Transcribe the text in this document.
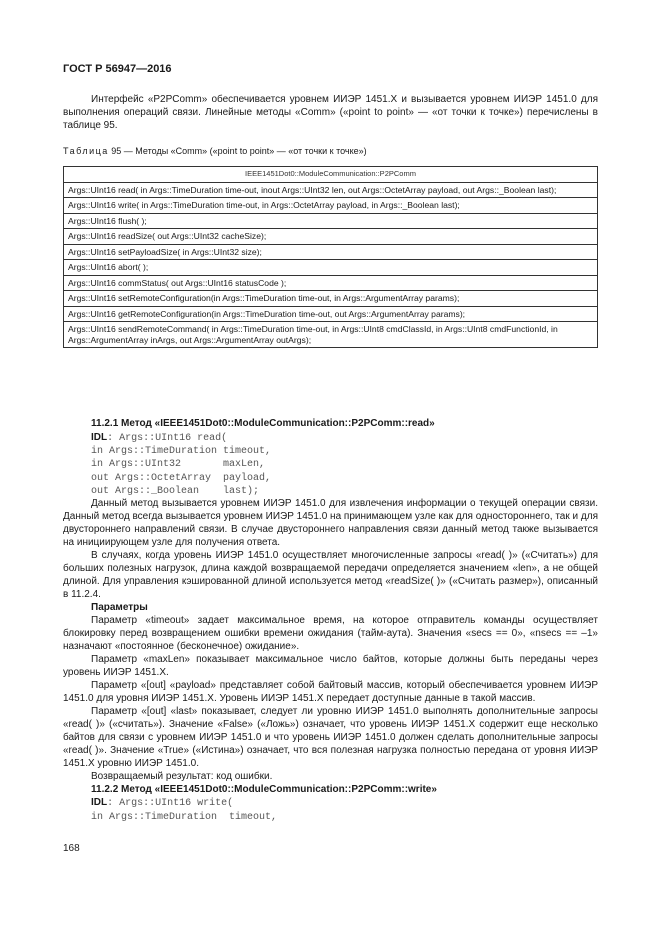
ГОСТ Р 56947—2016

Интерфейс «P2PComm» обеспечивается уровнем ИИЭР 1451.X и вызывается уровнем ИИЭР 1451.0 для выполнения операций связи. Линейные методы «Comm» («point to point» — «от точки к точке») перечислены в таблице 95.

Таблица 95 — Методы «Comm» («point to point» — «от точки к точке»)
IEEE1451Dot0::ModuleCommunication::P2PComm
Args::UInt16 read( in Args::TimeDuration time-out, inout Args::UInt32 len, out Args::OctetArray payload, out Args::_Boolean last);
Args::UInt16 write( in Args::TimeDuration time-out, in Args::OctetArray payload, in Args::_Boolean last);
Args::UInt16 flush( );
Args::UInt16 readSize( out Args::UInt32 cacheSize);
Args::UInt16 setPayloadSize( in Args::UInt32 size);
Args::UInt16 abort( );
Args::UInt16 commStatus( out Args::UInt16 statusCode );
Args::UInt16 setRemoteConfiguration(in Args::TimeDuration time-out, in Args::ArgumentArray params);
Args::UInt16 getRemoteConfiguration(in Args::TimeDuration time-out, out Args::ArgumentArray params);
Args::UInt16 sendRemoteCommand( in Args::TimeDuration time-out, in Args::UInt8 cmdClassId, in Args::UInt8 cmdFunctionId, in Args::ArgumentArray inArgs, out Args::ArgumentArray outArgs);
11.2.1 Метод «IEEE1451Dot0::ModuleCommunication::P2PComm::read»
IDL: Args::UInt16 read(
in Args::TimeDuration timeout,
in Args::UInt32       maxLen,
out Args::OctetArray  payload,
out Args::_Boolean    last);

Данный метод вызывается уровнем ИИЭР 1451.0 для извлечения информации о текущей операции связи. Данный метод всегда вызывается уровнем ИИЭР 1451.0 на принимающем узле как для одностороннего, так и для двустороннего направлений связи. В случае двустороннего направления связи данный метод также вызывается на инициирующем узле для получения ответа.

В случаях, когда уровень ИИЭР 1451.0 осуществляет многочисленные запросы «read( )» («Считать») для больших полезных нагрузок, длина каждой возвращаемой передачи определяется значением «len», а не общей длиной. Для управления кэшированной длиной используется метод «readSize( )» («Считать размер»), описанный в 11.2.4.

Параметры

Параметр «timeout» задает максимальное время, на которое отправитель команды осуществляет блокировку перед возвращением ошибки времени ожидания (тайм-аута). Значения «secs == 0», «nsecs == –1» назначают «постоянное (бесконечное) ожидание».

Параметр «maxLen» показывает максимальное число байтов, которые должны быть переданы через уровень ИИЭР 1451.X.

Параметр «[out] «payload» представляет собой байтовый массив, который обеспечивается уровнем ИИЭР 1451.0 для уровня ИИЭР 1451.X. Уровень ИИЭР 1451.X передает доступные данные в такой массив.

Параметр «[out] «last» показывает, следует ли уровню ИИЭР 1451.0 выполнять дополнительные запросы «read( )» («считать»). Значение «False» («Ложь») означает, что уровень ИИЭР 1451.X содержит еще несколько байтов для связи с уровнем ИИЭР 1451.0 и что уровень ИИЭР 1451.0 должен сделать дополнительные запросы «read( )». Значение «True» («Истина») означает, что вся полезная нагрузка полностью передана от уровня ИИЭР 1451.X уровню ИИЭР 1451.0.

Возвращаемый результат: код ошибки.

11.2.2 Метод «IEEE1451Dot0::ModuleCommunication::P2PComm::write»

IDL: Args::UInt16 write(
in Args::TimeDuration  timeout,
168
